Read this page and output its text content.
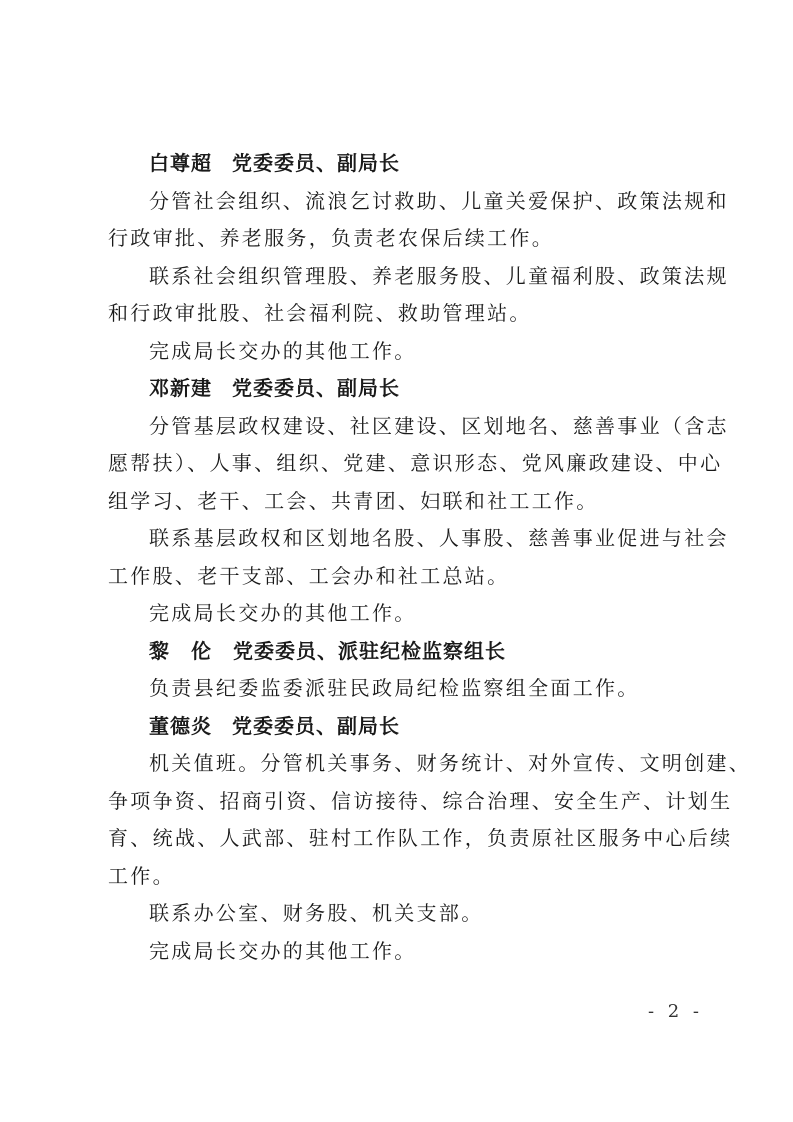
白尊超 党委委员、副局长
分管社会组织、流浪乞讨救助、儿童关爱保护、政策法规和
行政审批、养老服务，负责老农保后续工作。
联系社会组织管理股、养老服务股、儿童福利股、政策法规
和行政审批股、社会福利院、救助管理站。
完成局长交办的其他工作。
邓新建 党委委员、副局长
分管基层政权建设、社区建设、区划地名、慈善事业（含志
愿帮扶）、人事、组织、党建、意识形态、党风廉政建设、中心
组学习、老干、工会、共青团、妇联和社工工作。
联系基层政权和区划地名股、人事股、慈善事业促进与社会
工作股、老干支部、工会办和社工总站。
完成局长交办的其他工作。
黎伦党委委员、派驻纪检监察组长
负责县纪委监委派驻民政局纪检监察组全面工作。
董德炎 党委委员、副局长
机关值班。分管机关事务、财务统计、对外宣传、文明创建、
争项争资、招商引资、信访接待、综合治理、安全生产、计划生
育、统战、人武部、驻村工作队工作，负责原社区服务中心后续
工作。
联系办公室、财务股、机关支部。
完成局长交办的其他工作。
- 2 -
